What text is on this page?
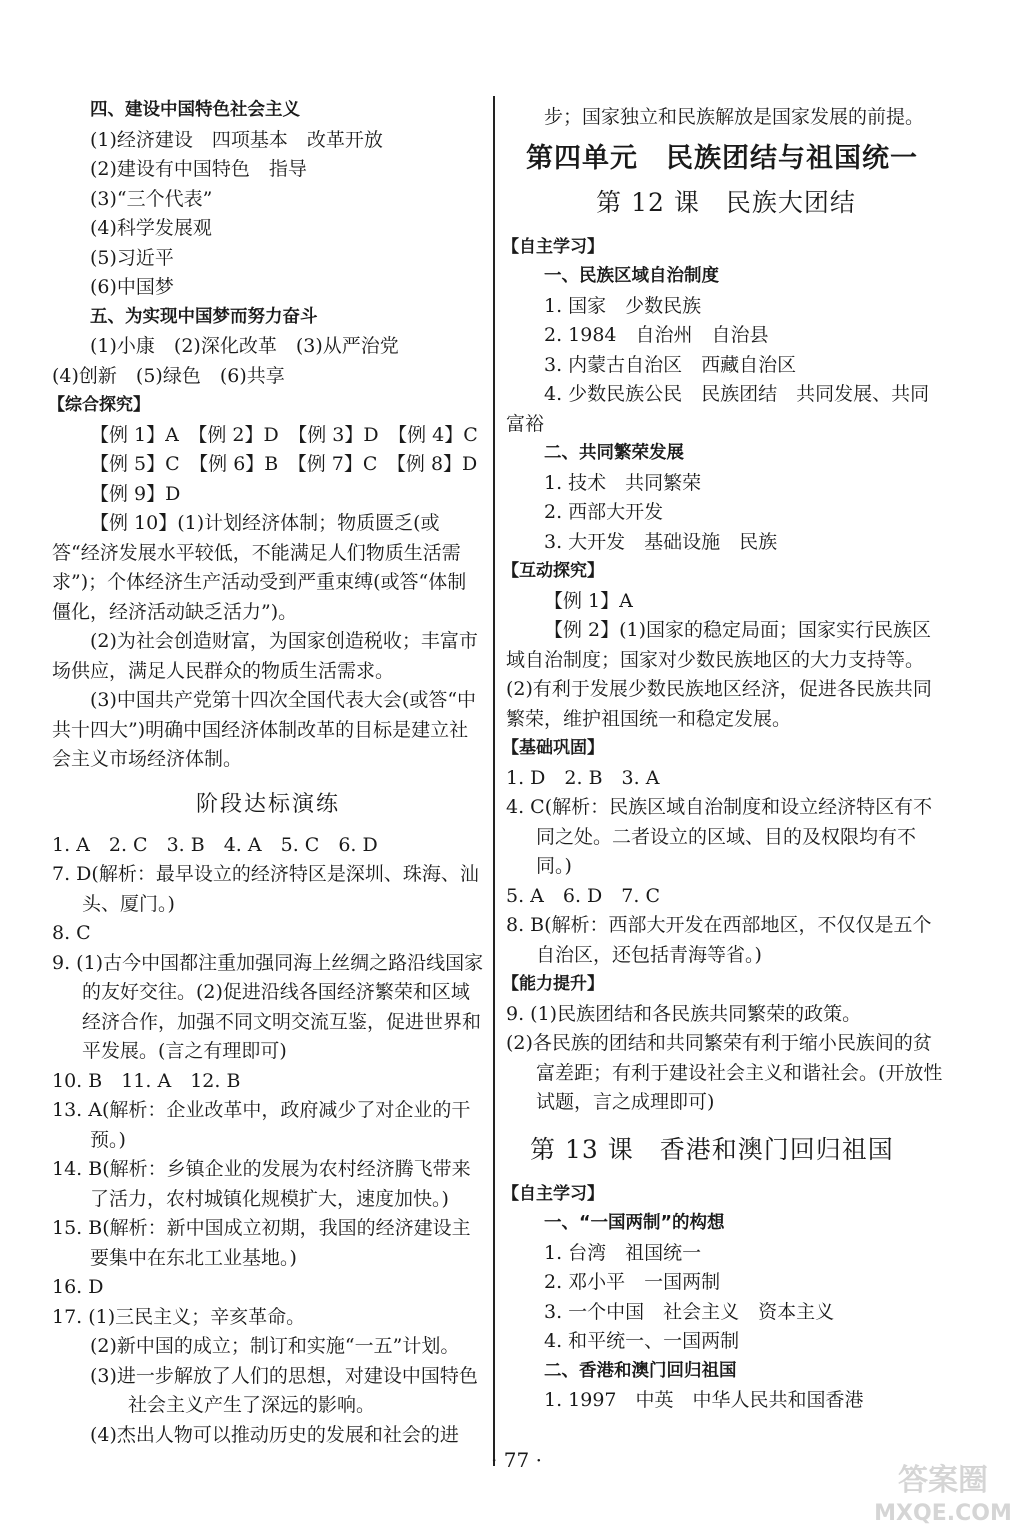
四、建设中国特色社会主义
(1)经济建设　四项基本　改革开放
(2)建设有中国特色　指导
(3)“三个代表”
(4)科学发展观
(5)习近平
(6)中国梦
五、为实现中国梦而努力奋斗
(1)小康　(2)深化改革　(3)从严治党
(4)创新　(5)绿色　(6)共享
【综合探究】
【例 1】A　【例 2】D　【例 3】D　【例 4】C
【例 5】C　【例 6】B　【例 7】C　【例 8】D
【例 9】D
【例 10】(1)计划经济体制；物质匮乏(或答“经济发展水平较低，不能满足人们物质生活需求”)；个体经济生产活动受到严重束缚(或答“体制僵化，经济活动缺乏活力”)。
(2)为社会创造财富，为国家创造税收；丰富市场供应，满足人民群众的物质生活需求。
(3)中国共产党第十四次全国代表大会(或答“中共十四大”)明确中国经济体制改革的目标是建立社会主义市场经济体制。
阶段达标演练
1. A　2. C　3. B　4. A　5. C　6. D
7. D(解析：最早设立的经济特区是深圳、珠海、汕头、厦门。)
8. C
9. (1)古今中国都注重加强同海上丝绸之路沿线国家的友好交往。(2)促进沿线各国经济繁荣和区域经济合作，加强不同文明交流互鉴，促进世界和平发展。(言之有理即可)
10. B　11. A　12. B
13. A(解析：企业改革中，政府减少了对企业的干预。)
14. B(解析：乡镇企业的发展为农村经济腾飞带来了活力，农村城镇化规模扩大，速度加快。)
15. B(解析：新中国成立初期，我国的经济建设主要集中在东北工业基地。)
16. D
17. (1)三民主义；辛亥革命。
(2)新中国的成立；制订和实施“一五”计划。
(3)进一步解放了人们的思想，对建设中国特色社会主义产生了深远的影响。
(4)杰出人物可以推动历史的发展和社会的进
步；国家独立和民族解放是国家发展的前提。
第四单元　民族团结与祖国统一
第 12 课　民族大团结
【自主学习】
一、民族区域自治制度
1. 国家　少数民族
2. 1984　自治州　自治县
3. 内蒙古自治区　西藏自治区
4. 少数民族公民　民族团结　共同发展、共同富裕
二、共同繁荣发展
1. 技术　共同繁荣
2. 西部大开发
3. 大开发　基础设施　民族
【互动探究】
【例 1】A
【例 2】(1)国家的稳定局面；国家实行民族区域自治制度；国家对少数民族地区的大力支持等。(2)有利于发展少数民族地区经济，促进各民族共同繁荣，维护祖国统一和稳定发展。
【基础巩固】
1. D　2. B　3. A
4. C(解析：民族区域自治制度和设立经济特区有不同之处。二者设立的区域、目的及权限均有不同。)
5. A　6. D　7. C
8. B(解析：西部大开发在西部地区，不仅仅是五个自治区，还包括青海等省。)
【能力提升】
9. (1)民族团结和各民族共同繁荣的政策。
(2)各民族的团结和共同繁荣有利于缩小民族间的贫富差距；有利于建设社会主义和谐社会。(开放性试题，言之成理即可)
第 13 课　香港和澳门回归祖国
【自主学习】
一、“一国两制”的构想
1. 台湾　祖国统一
2. 邓小平　一国两制
3. 一个中国　社会主义　资本主义
4. 和平统一、一国两制
二、香港和澳门回归祖国
1. 1997　中英　中华人民共和国香港
· 77 ·
答案圈
MXQE.COM
